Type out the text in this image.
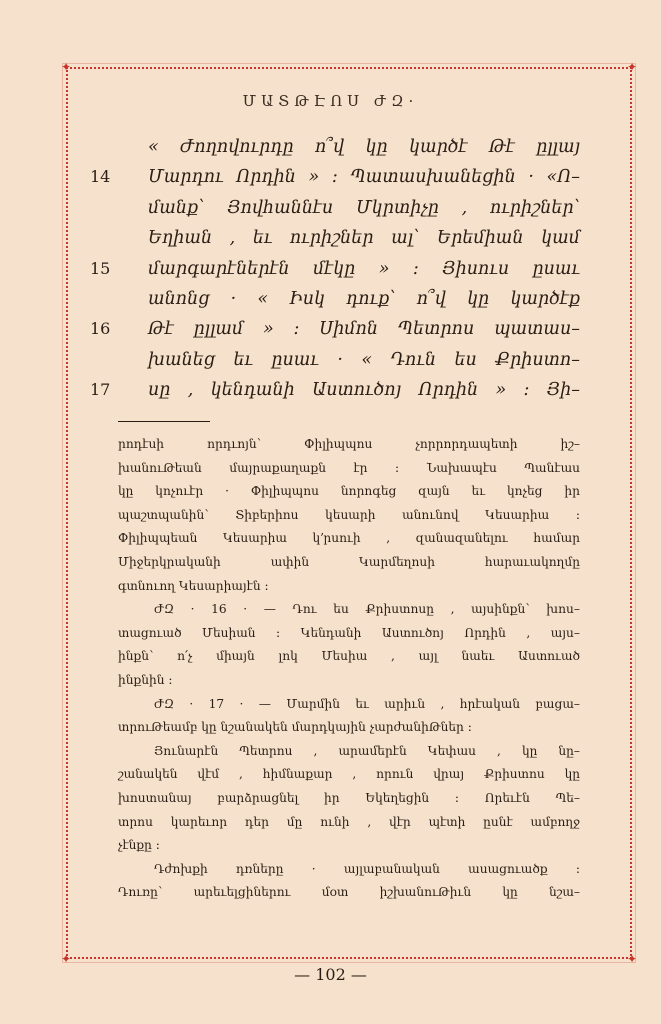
✦	✦
✦	✦
ՄԱՏԹԷՈՍ ԺԶ·
« Ժողովուրդը ո՞վ կը կարծէ Թէ ըլլայ
14 Մարդու Որդին » ։ Պատասխանեցին · «Ո–
մանք՝ Յովհաննէս Մկրտիչը , ուրիշներ՝
Եղիան , եւ ուրիշներ ալ՝ Երեմիան կամ
15 մարգարէներէն մէկը » ։ Յիսուս ըսաւ
անոնց · « Իսկ դուք՝ ո՞վ կը կարծէք
16 Թէ ըլլամ » ։ Սիմոն Պետրոս պատաս–
խանեց եւ ըսաւ · « Դուն ես Քրիստո–
17 սը , կենդանի Աստուծոյ Որդին » ։ Յի–
րոդէսի որդւոյն՝ Փիլիպպոս չորրորդապետի իշ–
խանուԹեան մայրաքաղաքն էր ։ Նախապէս Պանէաս
կը կոչուէր · Փիլիպպոս նորոգեց զայն եւ կոչեց իր
պաշտպանին՝ Տիբերիոս կեսարի անունով Կեսարիա ։
Փիլիպպեան Կեսարիա կ՚րսուի , զանազանելու համար
Միջերկրականի ափին Կարմեղոսի հարաւակողմը
գտնուող Կեսարիայէն ։
ԺԶ · 16 · — Դու ես Քրիստոսը , այսինքն՝ խոս–
տացուած Մեսիան ։ Կենդանի Աստուծոյ Որդին , այս–
ինքն՝ ո՛չ միայն լոկ Մեսիա , այլ նաեւ Աստուած
ինքնին ։
ԺԶ · 17 · — Մարմին եւ արիւն , հրէական բացա–
տրուԹեամբ կը նշանակեն մարդկային չարժանիԹներ ։
Յունարէն Պետրոս , արամերէն Կեփաս , կը նը–
շանակեն վէմ , հիմնաքար , որուն վրայ Քրիստոս կը
խոստանայ բարձրացնել իր Եկեղեցին ։ Որեւէն Պե–
տրոս կարեւոր դեր մը ունի , վէր պէտի ըսնէ ամբողջ
չէնքը ։
Դժոխքի դռները · այլաբանական ասացուածք ։
Դուռը՝ արեւելցիներու մօտ իշխանուԹիւն կը նշա–
— 102 —
